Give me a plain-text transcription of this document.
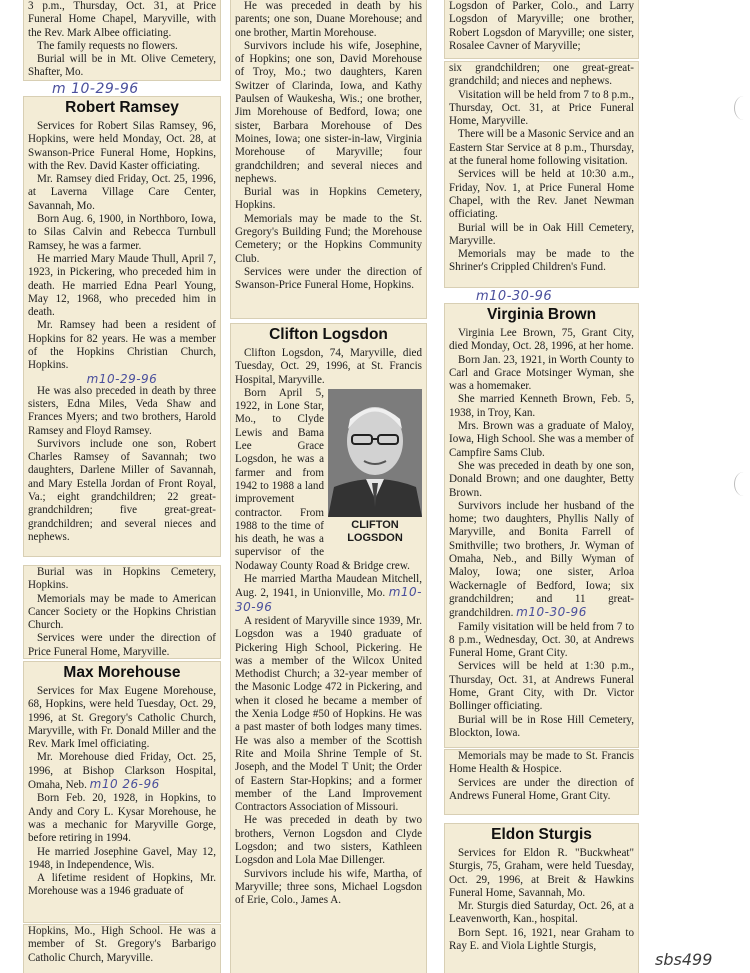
3 p.m., Thursday, Oct. 31, at Price Funeral Home Chapel, Maryville, with the Rev. Mark Albee officiating.

The family requests no flowers.

Burial will be in Mt. Olive Cemetery, Shafter, Mo.

m 10-29-96
Robert Ramsey

Services for Robert Silas Ramsey, 96, Hopkins, were held Monday, Oct. 28, at Swanson-Price Funeral Home, Hopkins, with the Rev. David Kaster officiating.

Mr. Ramsey died Friday, Oct. 25, 1996, at Laverna Village Care Center, Savannah, Mo.

Born Aug. 6, 1900, in Northboro, Iowa, to Silas Calvin and Rebecca Turnbull Ramsey, he was a farmer.

He married Mary Maude Thull, April 7, 1923, in Pickering, who preceded him in death. He married Edna Pearl Young, May 12, 1968, who preceded him in death.

Mr. Ramsey had been a resident of Hopkins for 82 years. He was a member of the Hopkins Christian Church, Hopkins.

m10-29-96

He was also preceded in death by three sisters, Edna Miles, Veda Shaw and Frances Myers; and two brothers, Harold Ramsey and Floyd Ramsey.

Survivors include one son, Robert Charles Ramsey of Savannah; two daughters, Darlene Miller of Savannah, and Mary Estella Jordan of Front Royal, Va.; eight grandchildren; 22 great-grandchildren; five great-great-grandchildren; and several nieces and nephews.

Burial was in Hopkins Cemetery, Hopkins.

Memorials may be made to American Cancer Society or the Hopkins Christian Church.

Services were under the direction of Price Funeral Home, Maryville.

Max Morehouse

Services for Max Eugene Morehouse, 68, Hopkins, were held Tuesday, Oct. 29, 1996, at St. Gregory's Catholic Church, Maryville, with Fr. Donald Miller and the Rev. Mark Imel officiating.

Mr. Morehouse died Friday, Oct. 25, 1996, at Bishop Clarkson Hospital, Omaha, Neb. m10 26-96

Born Feb. 20, 1928, in Hopkins, to Andy and Cory L. Kysar Morehouse, he was a mechanic for Maryville Gorge, before retiring in 1994.

He married Josephine Gavel, May 12, 1948, in Independence, Wis.

A lifetime resident of Hopkins, Mr. Morehouse was a 1946 graduate of

Hopkins, Mo., High School. He was a member of St. Gregory's Barbarigo Catholic Church, Maryville.

He was preceded in death by his parents; one son, Duane Morehouse; and one brother, Martin Morehouse.

Survivors include his wife, Josephine, of Hopkins; one son, David Morehouse of Troy, Mo.; two daughters, Karen Switzer of Clarinda, Iowa, and Kathy Paulsen of Waukesha, Wis.; one brother, Jim Morehouse of Bedford, Iowa; one sister, Barbara Morehouse of Des Moines, Iowa; one sister-in-law, Virginia Morehouse of Maryville; four grandchildren; and several nieces and nephews.

Burial was in Hopkins Cemetery, Hopkins.

Memorials may be made to the St. Gregory's Building Fund; the Morehouse Cemetery; or the Hopkins Community Club.

Services were under the direction of Swanson-Price Funeral Home, Hopkins.

Clifton Logsdon

Clifton Logsdon, 74, Maryville, died Tuesday, Oct. 29, 1996, at St. Francis Hospital, Maryville.

CLIFTON LOGSDON

Born April 5, 1922, in Lone Star, Mo., to Clyde Lewis and Bama Lee Grace Logsdon, he was a farmer and from 1942 to 1988 a land improvement contractor. From 1988 to the time of his death, he was a supervisor of the Nodaway County Road & Bridge crew.

He married Martha Maudean Mitchell, Aug. 2, 1941, in Unionville, Mo. m10-30-96

A resident of Maryville since 1939, Mr. Logsdon was a 1940 graduate of Pickering High School, Pickering. He was a member of the Wilcox United Methodist Church; a 32-year member of the Masonic Lodge 472 in Pickering, and when it closed he became a member of the Xenia Lodge #50 of Hopkins. He was a past master of both lodges many times. He was also a member of the Scottish Rite and Moila Shrine Temple of St. Joseph, and the Model T Unit; the Order of Eastern Star-Hopkins; and a former member of the Land Improvement Contractors Association of Missouri.

He was preceded in death by two brothers, Vernon Logsdon and Clyde Logsdon; and two sisters, Kathleen Logsdon and Lola Mae Dillenger.

Survivors include his wife, Martha, of Maryville; three sons, Michael Logsdon of Erie, Colo., James A.

Logsdon of Parker, Colo., and Larry Logsdon of Maryville; one brother, Robert Logsdon of Maryville; one sister, Rosalee Cavner of Maryville;

six grandchildren; one great-great-grandchild; and nieces and nephews.

Visitation will be held from 7 to 8 p.m., Thursday, Oct. 31, at Price Funeral Home, Maryville.

There will be a Masonic Service and an Eastern Star Service at 8 p.m., Thursday, at the funeral home following visitation.

Services will be held at 10:30 a.m., Friday, Nov. 1, at Price Funeral Home Chapel, with the Rev. Janet Newman officiating.

Burial will be in Oak Hill Cemetery, Maryville.

Memorials may be made to the Shriner's Crippled Children's Fund.

m10-30-96
Virginia Brown

Virginia Lee Brown, 75, Grant City, died Monday, Oct. 28, 1996, at her home.

Born Jan. 23, 1921, in Worth County to Carl and Grace Motsinger Wyman, she was a homemaker.

She married Kenneth Brown, Feb. 5, 1938, in Troy, Kan.

Mrs. Brown was a graduate of Maloy, Iowa, High School. She was a member of Campfire Sams Club.

She was preceded in death by one son, Donald Brown; and one daughter, Betty Brown.

Survivors include her husband of the home; two daughters, Phyllis Nally of Maryville, and Bonita Farrell of Smithville; two brothers, Jr. Wyman of Omaha, Neb., and Billy Wyman of Maloy, Iowa; one sister, Arloa Wackernagle of Bedford, Iowa; six grandchildren; and 11 great-grandchildren. m10-30-96

Family visitation will be held from 7 to 8 p.m., Wednesday, Oct. 30, at Andrews Funeral Home, Grant City.

Services will be held at 1:30 p.m., Thursday, Oct. 31, at Andrews Funeral Home, Grant City, with Dr. Victor Bollinger officiating.

Burial will be in Rose Hill Cemetery, Blockton, Iowa.

Memorials may be made to St. Francis Home Health & Hospice.

Services are under the direction of Andrews Funeral Home, Grant City.

Eldon Sturgis

Services for Eldon R. "Buckwheat" Sturgis, 75, Graham, were held Tuesday, Oct. 29, 1996, at Breit & Hawkins Funeral Home, Savannah, Mo.

Mr. Sturgis died Saturday, Oct. 26, at a Leavenworth, Kan., hospital.

Born Sept. 16, 1921, near Graham to Ray E. and Viola Lightle Sturgis,

sbs499
